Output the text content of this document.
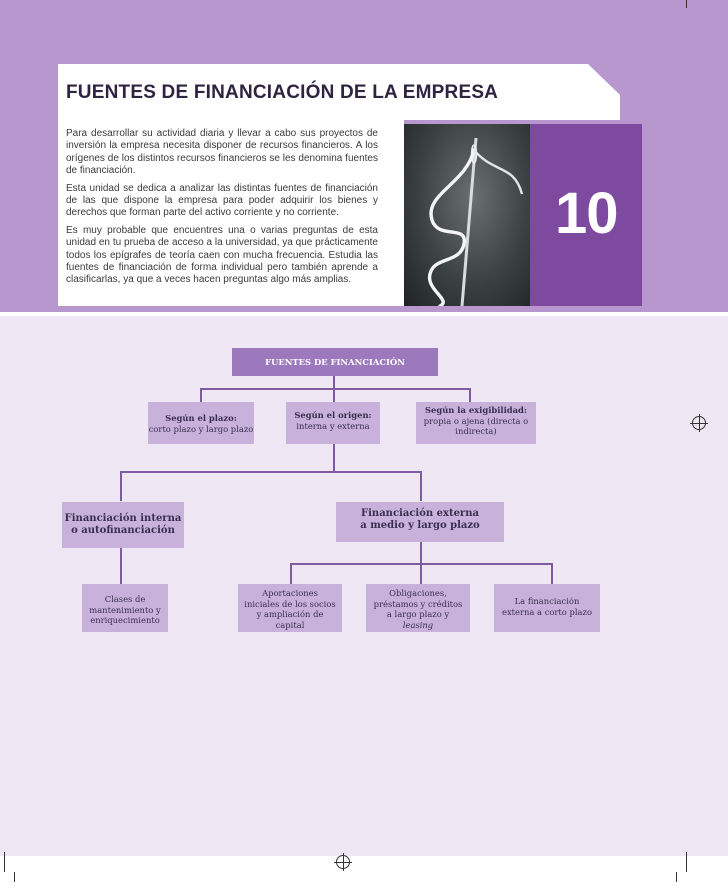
FUENTES DE FINANCIACIÓN DE LA EMPRESA

Para desarrollar su actividad diaria y llevar a cabo sus proyectos de inversión la empresa necesita disponer de recursos financieros. A los orígenes de los distintos recursos financieros se les denomina fuentes de financiación.

Esta unidad se dedica a analizar las distintas fuentes de financiación de las que dispone la empresa para poder adquirir los bienes y derechos que forman parte del activo corriente y no corriente.

Es muy probable que encuentres una o varias preguntas de esta unidad en tu prueba de acceso a la universidad, ya que prácticamente todos los epígrafes de teoría caen con mucha frecuencia. Estudia las fuentes de financiación de forma individual pero también aprende a clasificarlas, ya que a veces hacen preguntas algo más amplias.

10
FUENTES DE FINANCIACIÓN
Según el plazo:
corto plazo y largo plazo
Según el origen:
interna y externa
Según la exigibilidad:
propia o ajena (directa o indirecta)
Financiación interna
o autofinanciación
Financiación externa
a medio y largo plazo
Clases de mantenimiento y enriquecimiento
Aportaciones iniciales de los socios y ampliación de capital
Obligaciones, préstamos y créditos a largo plazo y leasing
La financiación externa a corto plazo
